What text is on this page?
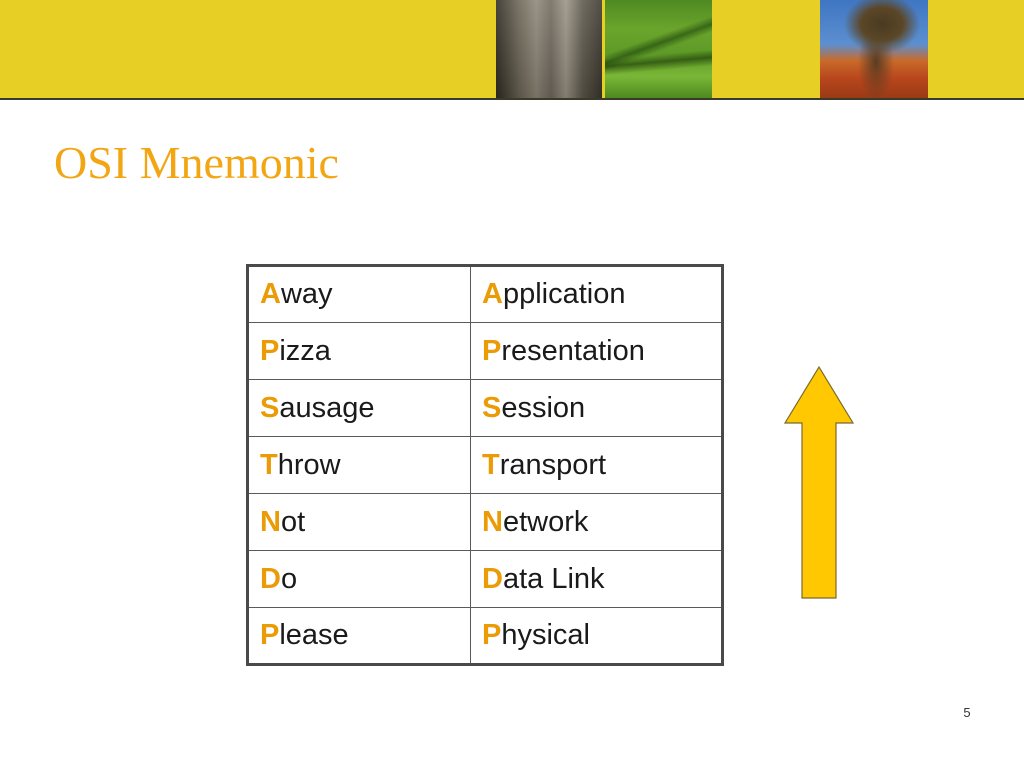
OSI Mnemonic
Away	Application
Pizza	Presentation
Sausage	Session
Throw	Transport
Not	Network
Do	Data Link
Please	Physical
5
